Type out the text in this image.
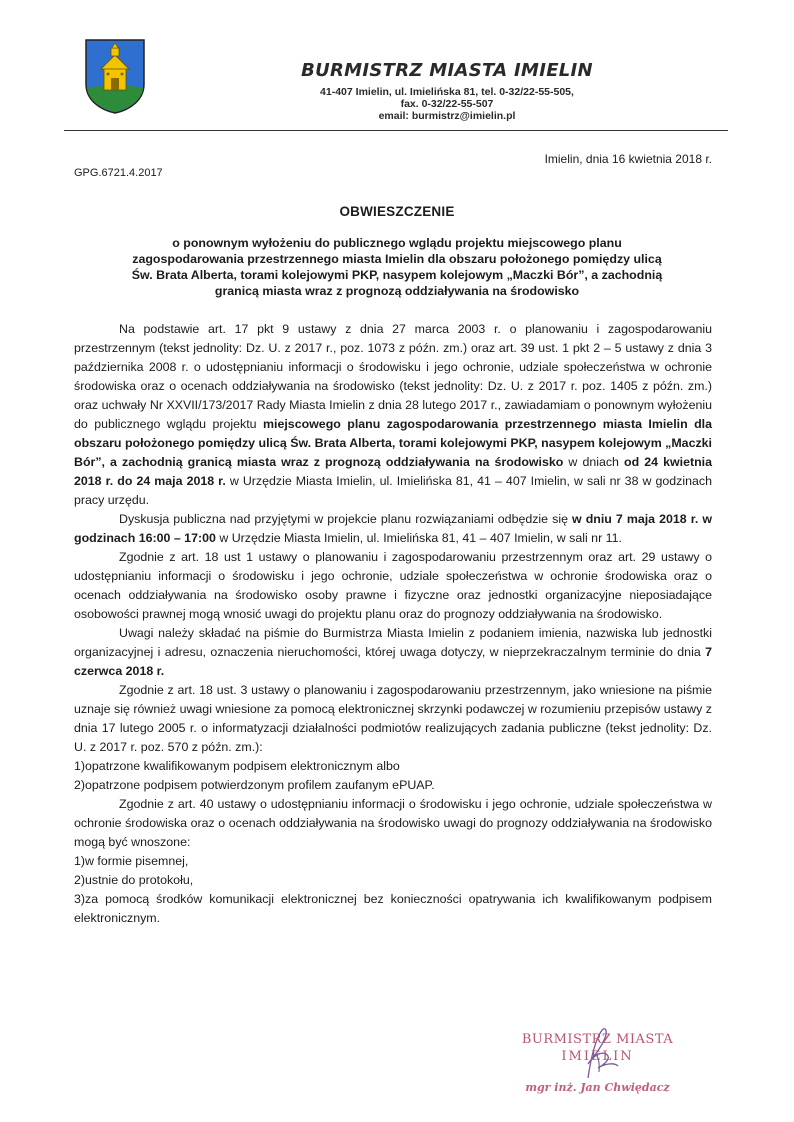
BURMISTRZ MIASTA IMIELIN
41-407 Imielin, ul. Imielińska 81, tel. 0-32/22-55-505,
fax. 0-32/22-55-507
email: burmistrz@imielin.pl
Imielin, dnia 16 kwietnia 2018 r.
GPG.6721.4.2017
OBWIESZCZENIE
o ponownym wyłożeniu do publicznego wglądu projektu miejscowego planu
zagospodarowania przestrzennego miasta Imielin dla obszaru położonego pomiędzy ulicą
Św. Brata Alberta, torami kolejowymi PKP, nasypem kolejowym „Maczki Bór”, a zachodnią
granicą miasta wraz z prognozą oddziaływania na środowisko

Na podstawie art. 17 pkt 9 ustawy z dnia 27 marca 2003 r. o planowaniu i zagospodarowaniu przestrzennym (tekst jednolity: Dz. U. z 2017 r., poz. 1073 z późn. zm.) oraz art. 39 ust. 1 pkt 2 – 5 ustawy z dnia 3 października 2008 r. o udostępnianiu informacji o środowisku i jego ochronie, udziale społeczeństwa w ochronie środowiska oraz o ocenach oddziaływania na środowisko (tekst jednolity: Dz. U. z 2017 r. poz. 1405 z późn. zm.) oraz uchwały Nr XXVII/173/2017 Rady Miasta Imielin z dnia 28 lutego 2017 r., zawiadamiam o ponownym wyłożeniu do publicznego wglądu projektu miejscowego planu zagospodarowania przestrzennego miasta Imielin dla obszaru położonego pomiędzy ulicą Św. Brata Alberta, torami kolejowymi PKP, nasypem kolejowym „Maczki Bór”, a zachodnią granicą miasta wraz z prognozą oddziaływania na środowisko w dniach od 24 kwietnia 2018 r. do 24 maja 2018 r. w Urzędzie Miasta Imielin, ul. Imielińska 81, 41 – 407 Imielin, w sali nr 38 w godzinach pracy urzędu.

Dyskusja publiczna nad przyjętymi w projekcie planu rozwiązaniami odbędzie się w dniu 7 maja 2018 r. w godzinach 16:00 – 17:00 w Urzędzie Miasta Imielin, ul. Imielińska 81, 41 – 407 Imielin, w sali nr 11.

Zgodnie z art. 18 ust 1 ustawy o planowaniu i zagospodarowaniu przestrzennym oraz art. 29 ustawy o udostępnianiu informacji o środowisku i jego ochronie, udziale społeczeństwa w ochronie środowiska oraz o ocenach oddziaływania na środowisko osoby prawne i fizyczne oraz jednostki organizacyjne nieposiadające osobowości prawnej mogą wnosić uwagi do projektu planu oraz do prognozy oddziaływania na środowisko.

Uwagi należy składać na piśmie do Burmistrza Miasta Imielin z podaniem imienia, nazwiska lub jednostki organizacyjnej i adresu, oznaczenia nieruchomości, której uwaga dotyczy, w nieprzekraczalnym terminie do dnia 7 czerwca 2018 r.

Zgodnie z art. 18 ust. 3 ustawy o planowaniu i zagospodarowaniu przestrzennym, jako wniesione na piśmie uznaje się również uwagi wniesione za pomocą elektronicznej skrzynki podawczej w rozumieniu przepisów ustawy z dnia 17 lutego 2005 r. o informatyzacji działalności podmiotów realizujących zadania publiczne (tekst jednolity: Dz. U. z 2017 r. poz. 570 z późn. zm.):

1)opatrzone kwalifikowanym podpisem elektronicznym albo

2)opatrzone podpisem potwierdzonym profilem zaufanym ePUAP.

Zgodnie z art. 40 ustawy o udostępnianiu informacji o środowisku i jego ochronie, udziale społeczeństwa w ochronie środowiska oraz o ocenach oddziaływania na środowisko uwagi do prognozy oddziaływania na środowisko mogą być wnoszone:

1)w formie pisemnej,

2)ustnie do protokołu,

3)za pomocą środków komunikacji elektronicznej bez konieczności opatrywania ich kwalifikowanym podpisem elektronicznym.

BURMISTRZ MIASTA
IMIELIN
mgr inż. Jan Chwiędacz
